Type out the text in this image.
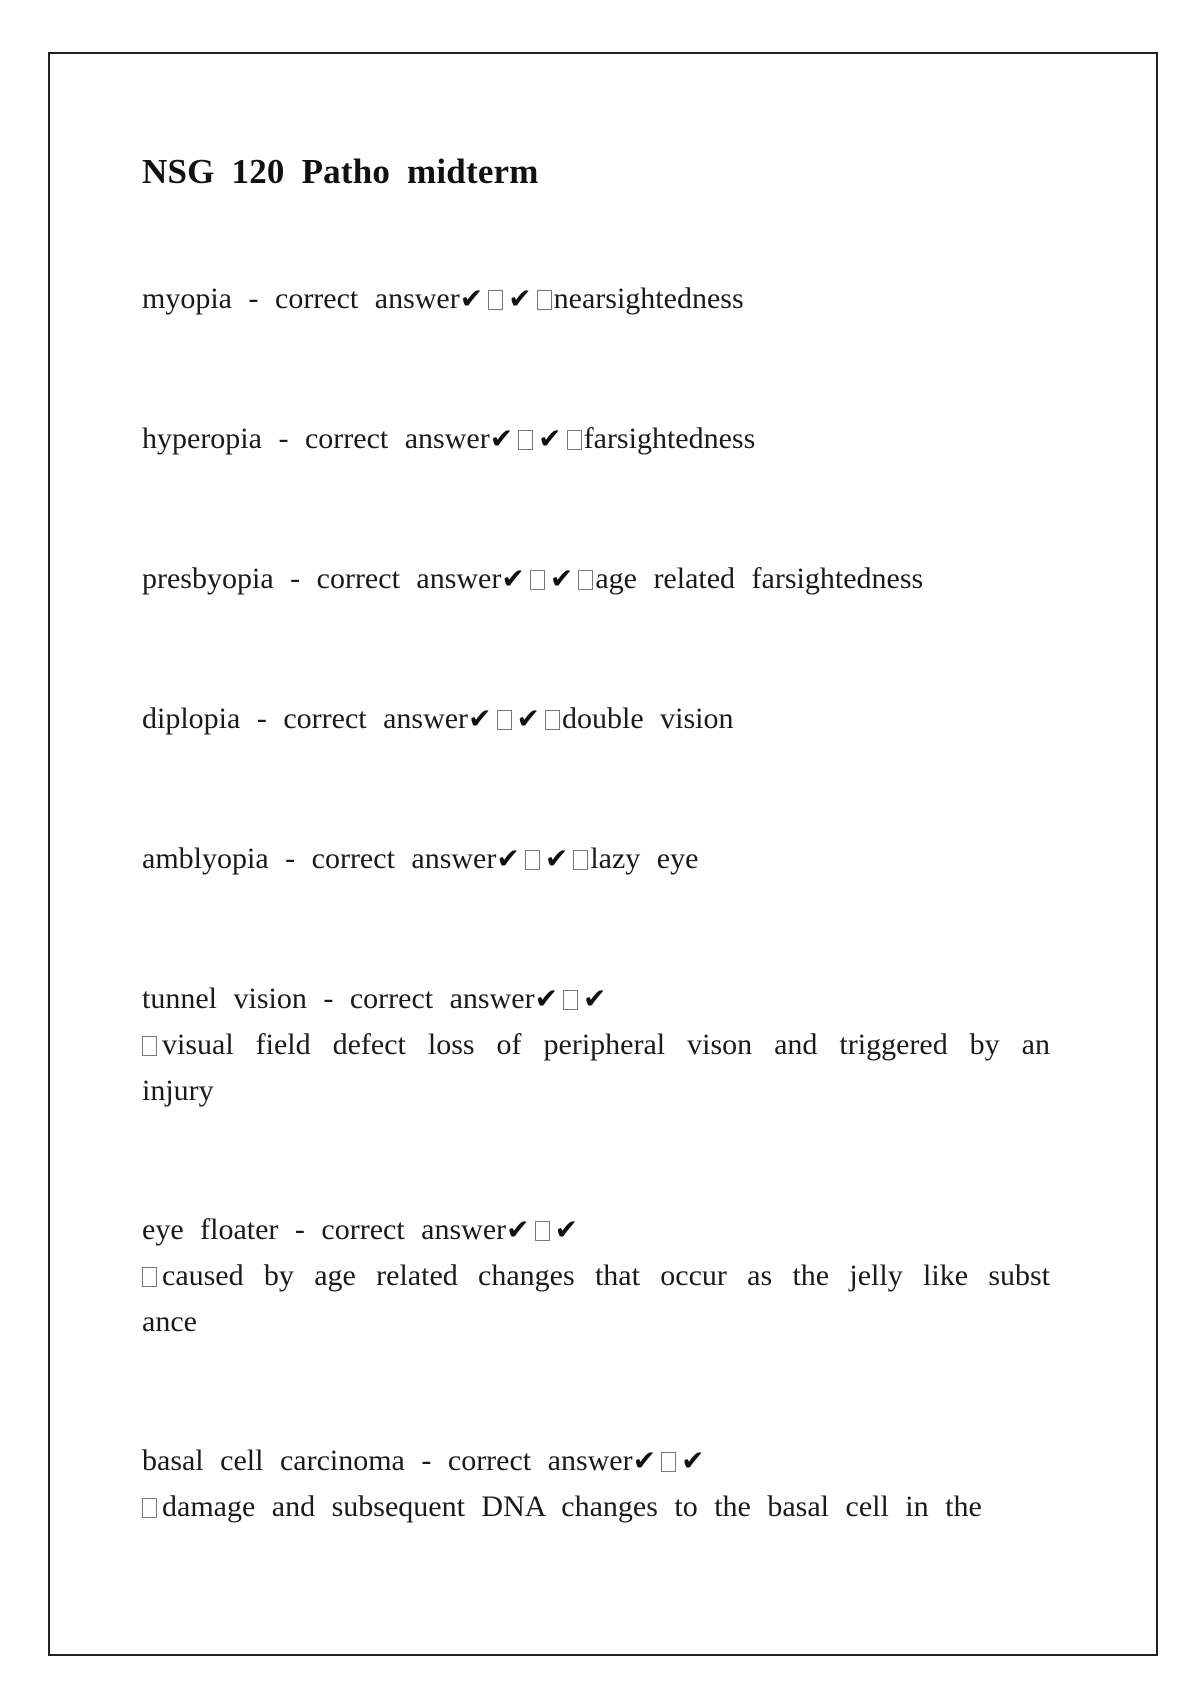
NSG 120 Patho midterm

myopia - correct answer✔ ✔ nearsightedness

hyperopia - correct answer✔ ✔ farsightedness

presbyopia - correct answer✔ ✔ age related farsightedness

diplopia - correct answer✔ ✔ double vision

amblyopia - correct answer✔ ✔ lazy eye

tunnel vision - correct answer✔ ✔
visual field defect loss of peripheral vison and triggered by an injury

eye floater - correct answer✔ ✔
caused by age related changes that occur as the jelly like subst ance

basal cell carcinoma - correct answer✔ ✔
damage and subsequent DNA changes to the basal cell in the
